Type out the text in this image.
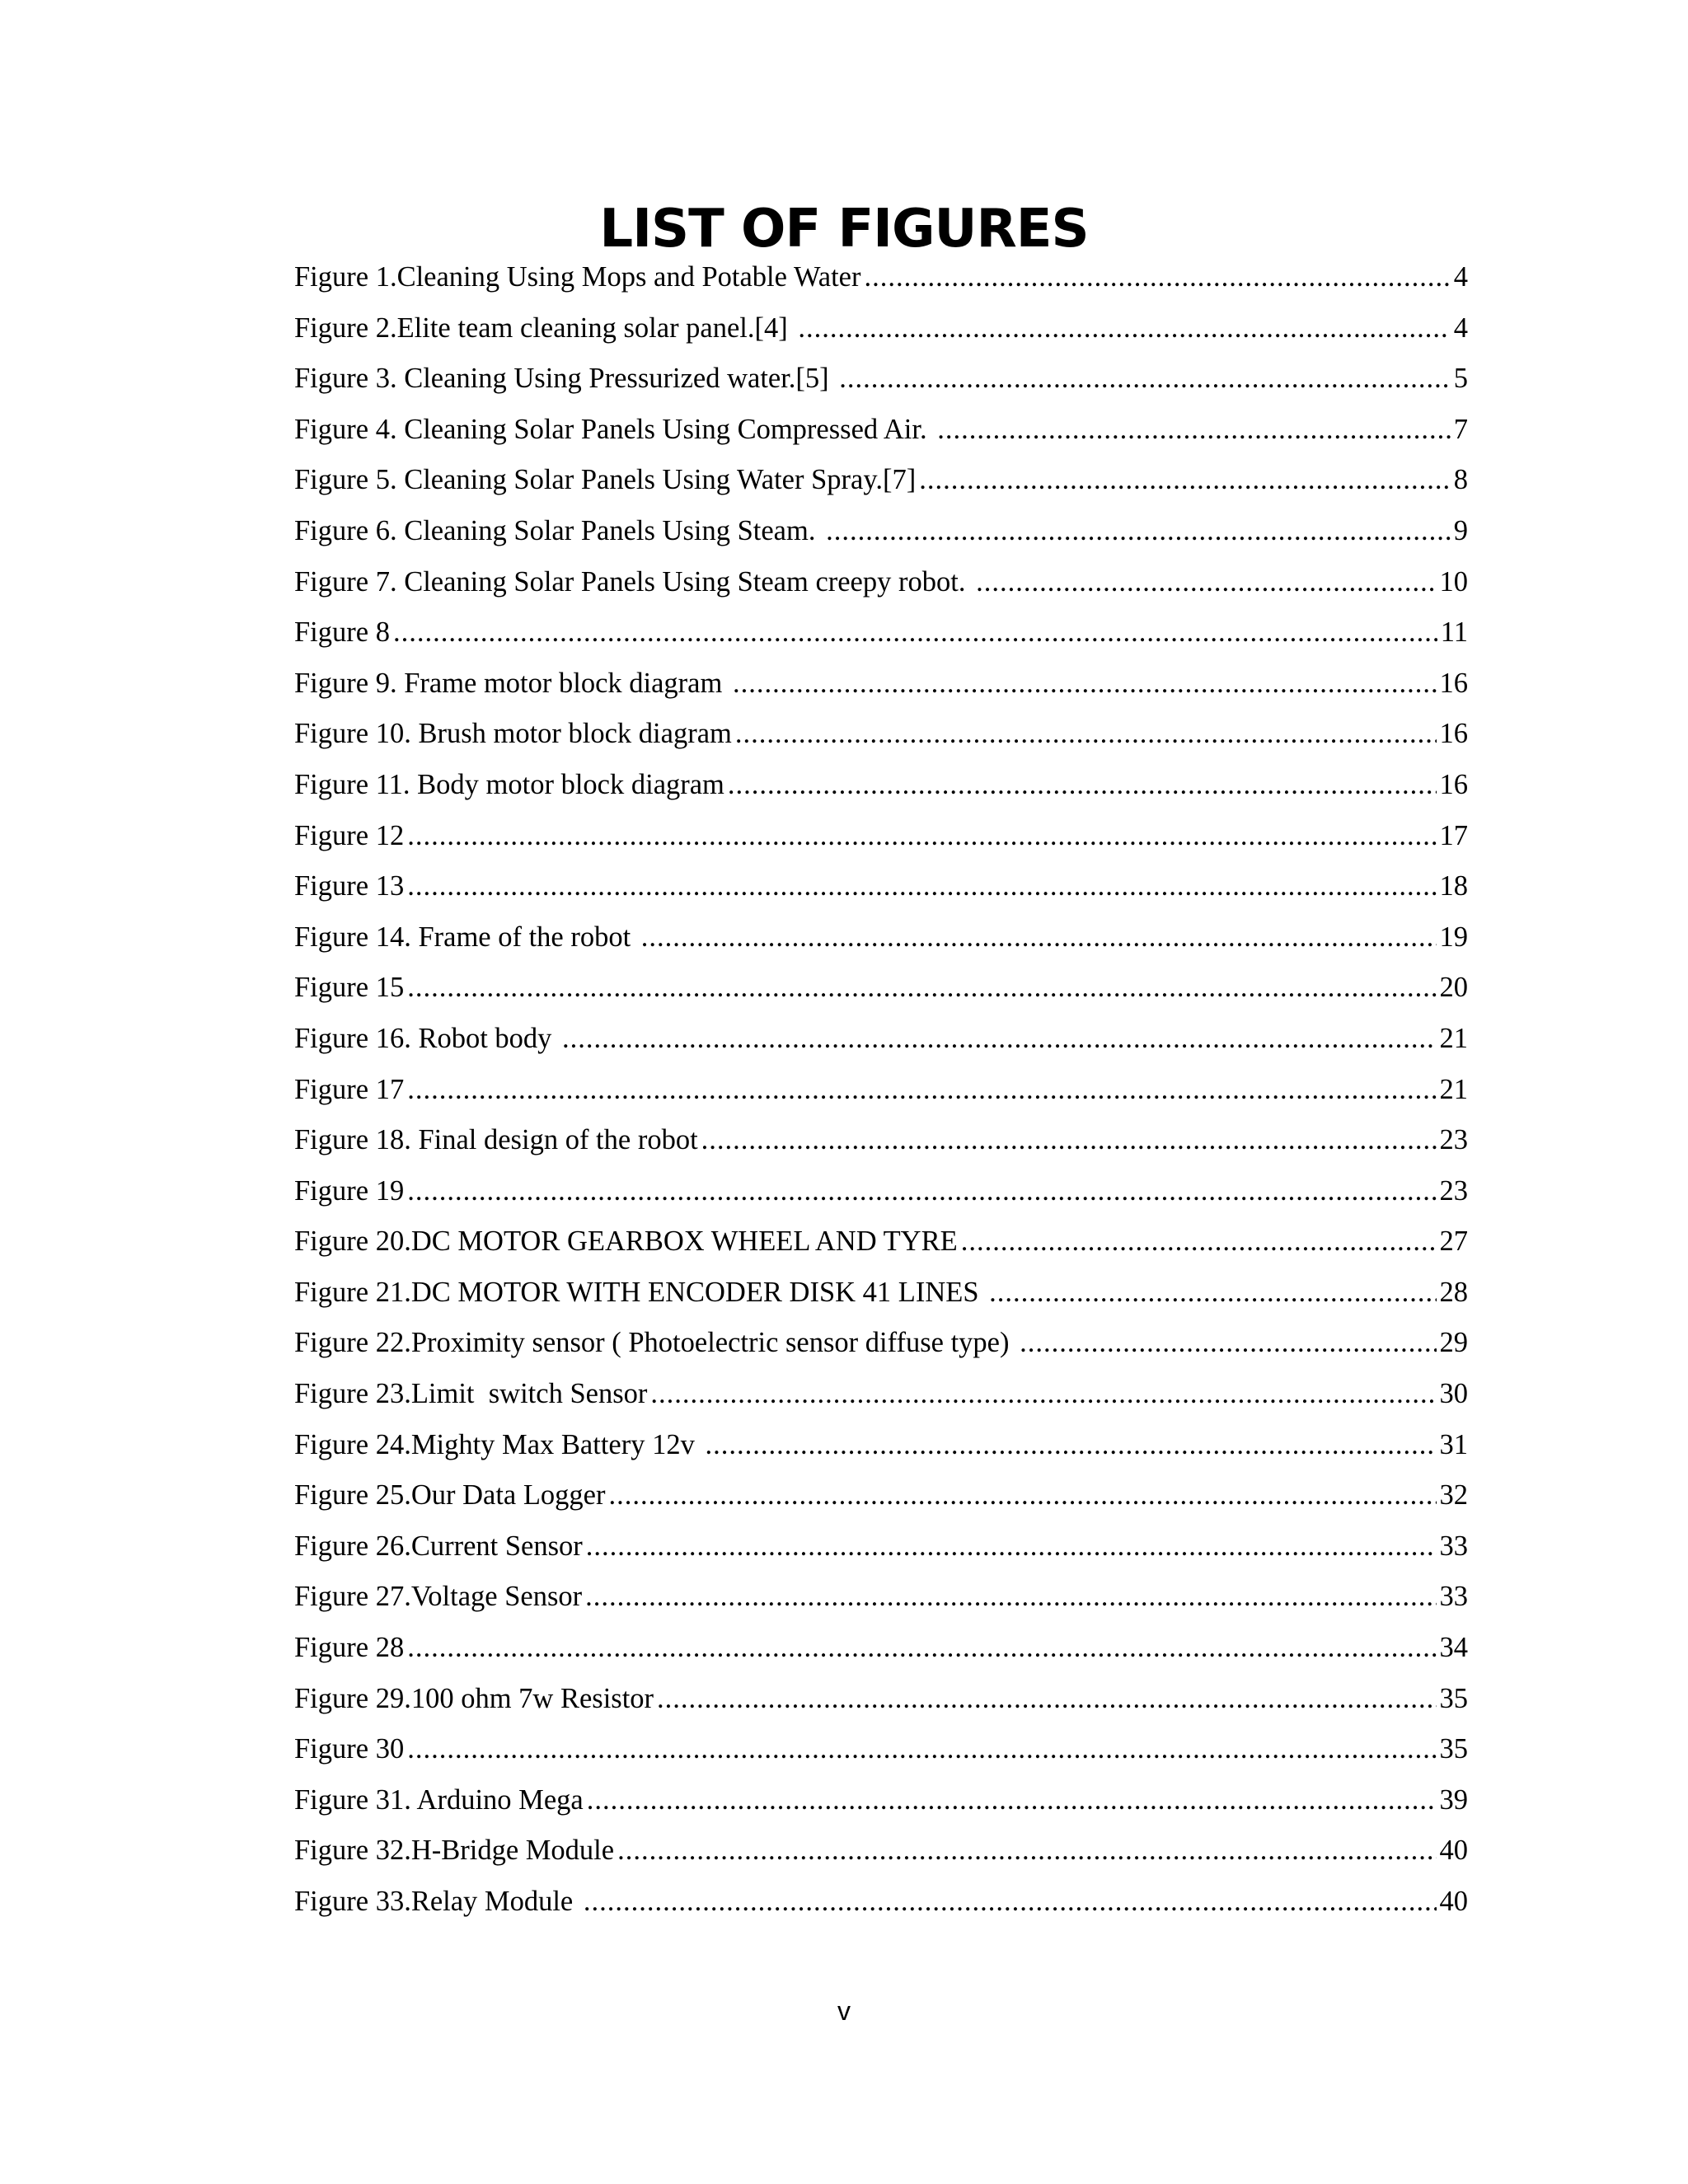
LIST OF FIGURES
Figure 1.Cleaning Using Mops and Potable Water .....	4
Figure 2.Elite team cleaning solar panel.[4] .....	4
Figure 3. Cleaning Using Pressurized water.[5] .....	5
Figure 4. Cleaning Solar Panels Using Compressed Air. .....	7
Figure 5. Cleaning Solar Panels Using Water Spray.[7] .....	8
Figure 6. Cleaning Solar Panels Using Steam. .....	9
Figure 7. Cleaning Solar Panels Using Steam creepy robot. .....	10
Figure 8 .....	11
Figure 9. Frame motor block diagram .....	16
Figure 10. Brush motor block diagram .....	16
Figure 11. Body motor block diagram .....	16
Figure 12 .....	17
Figure 13 .....	18
Figure 14. Frame of the robot .....	19
Figure 15 .....	20
Figure 16. Robot body .....	21
Figure 17 .....	21
Figure 18. Final design of the robot .....	23
Figure 19 .....	23
Figure 20.DC MOTOR GEARBOX WHEEL AND TYRE .....	27
Figure 21.DC MOTOR WITH ENCODER DISK 41 LINES .....	28
Figure 22.Proximity sensor ( Photoelectric sensor diffuse type) .....	29
Figure 23.Limit  switch Sensor .....	30
Figure 24.Mighty Max Battery 12v .....	31
Figure 25.Our Data Logger .....	32
Figure 26.Current Sensor .....	33
Figure 27.Voltage Sensor .....	33
Figure 28 .....	34
Figure 29.100 ohm 7w Resistor .....	35
Figure 30 .....	35
Figure 31. Arduino Mega .....	39
Figure 32.H-Bridge Module .....	40
Figure 33.Relay Module .....	40
v
